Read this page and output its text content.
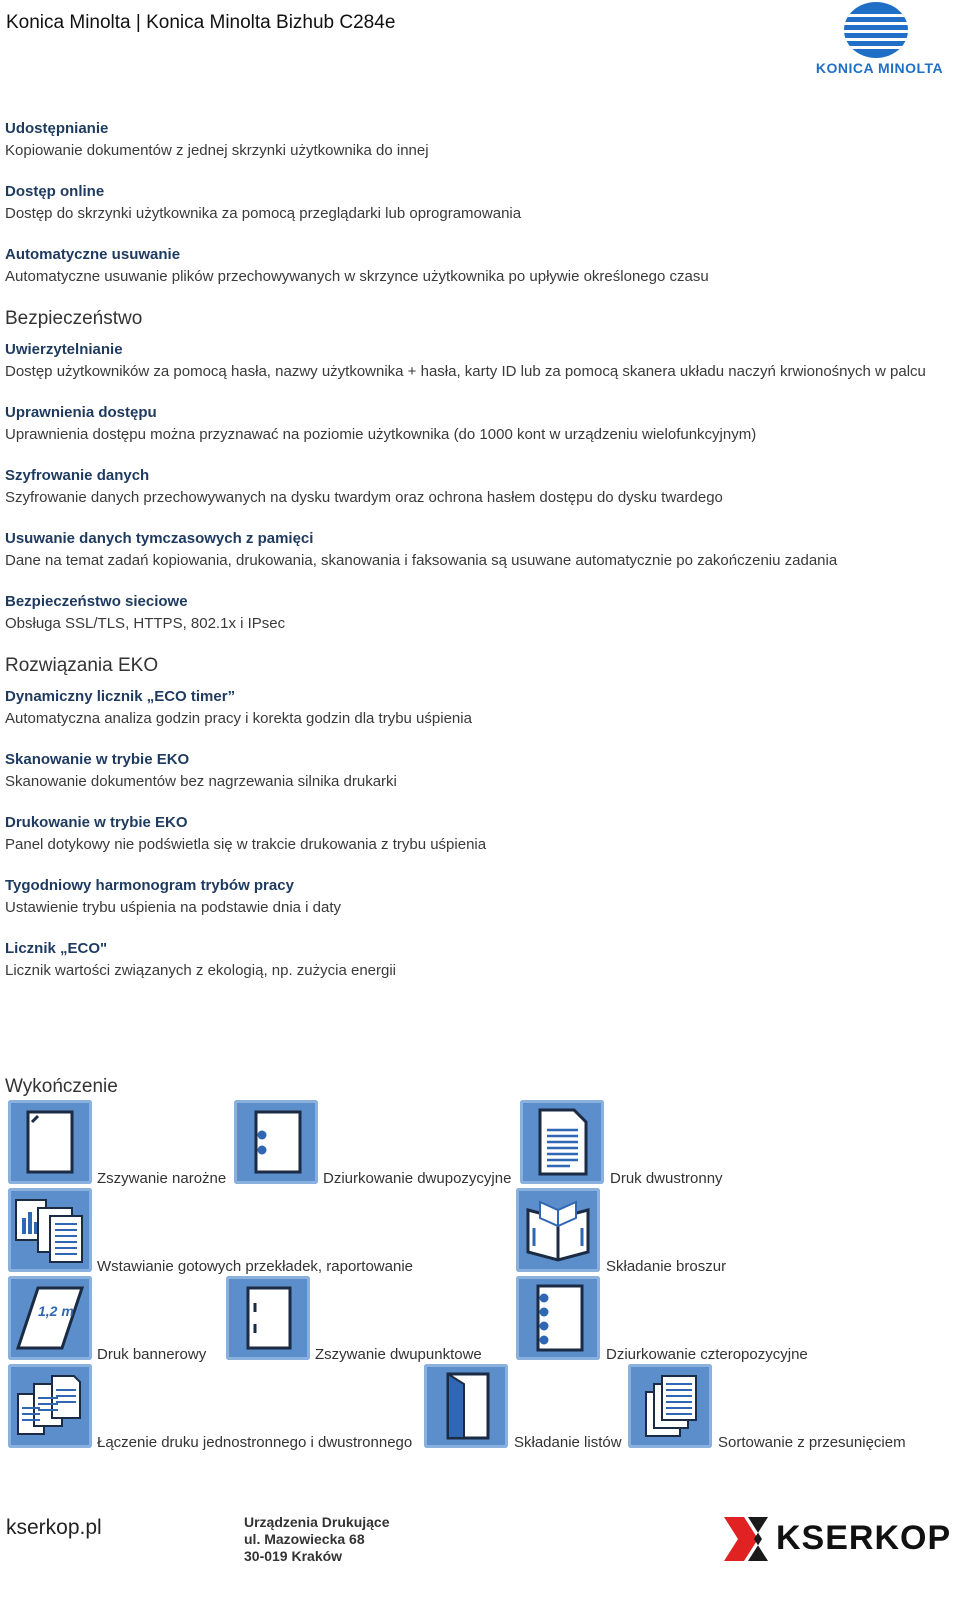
Konica Minolta | Konica Minolta Bizhub C284e
KONICA MINOLTA
Udostępnianie
Kopiowanie dokumentów z jednej skrzynki użytkownika do innej
Dostęp online
Dostęp do skrzynki użytkownika za pomocą przeglądarki lub oprogramowania
Automatyczne usuwanie
Automatyczne usuwanie plików przechowywanych w skrzynce użytkownika po upływie określonego czasu
Bezpieczeństwo
Uwierzytelnianie
Dostęp użytkowników za pomocą hasła, nazwy użytkownika + hasła, karty ID lub za pomocą skanera układu naczyń krwionośnych w palcu
Uprawnienia dostępu
Uprawnienia dostępu można przyznawać na poziomie użytkownika (do 1000 kont w urządzeniu wielofunkcyjnym)
Szyfrowanie danych
Szyfrowanie danych przechowywanych na dysku twardym oraz ochrona hasłem dostępu do dysku twardego
Usuwanie danych tymczasowych z pamięci
Dane na temat zadań kopiowania, drukowania, skanowania i faksowania są usuwane automatycznie po zakończeniu zadania
Bezpieczeństwo sieciowe
Obsługa SSL/TLS, HTTPS, 802.1x i IPsec
Rozwiązania EKO
Dynamiczny licznik „ECO timer”
Automatyczna analiza godzin pracy i korekta godzin dla trybu uśpienia
Skanowanie w trybie EKO
Skanowanie dokumentów bez nagrzewania silnika drukarki
Drukowanie w trybie EKO
Panel dotykowy nie podświetla się w trakcie drukowania z trybu uśpienia
Tygodniowy harmonogram trybów pracy
Ustawienie trybu uśpienia na podstawie dnia i daty
Licznik „ECO"
Licznik wartości związanych z ekologią, np. zużycia energii
Wykończenie
Zszywanie narożne	Dziurkowanie dwupozycyjne	Druk dwustronny
Wstawianie gotowych przekładek, raportowanie	Składanie broszur
1,2 m
Druk bannerowy	Zszywanie dwupunktowe	Dziurkowanie czteropozycyjne
Łączenie druku jednostronnego i dwustronnego	Składanie listów	Sortowanie z przesunięciem
kserkop.pl	Urządzenia Drukujące
ul. Mazowiecka 68
30-019 Kraków	KSERKOP
